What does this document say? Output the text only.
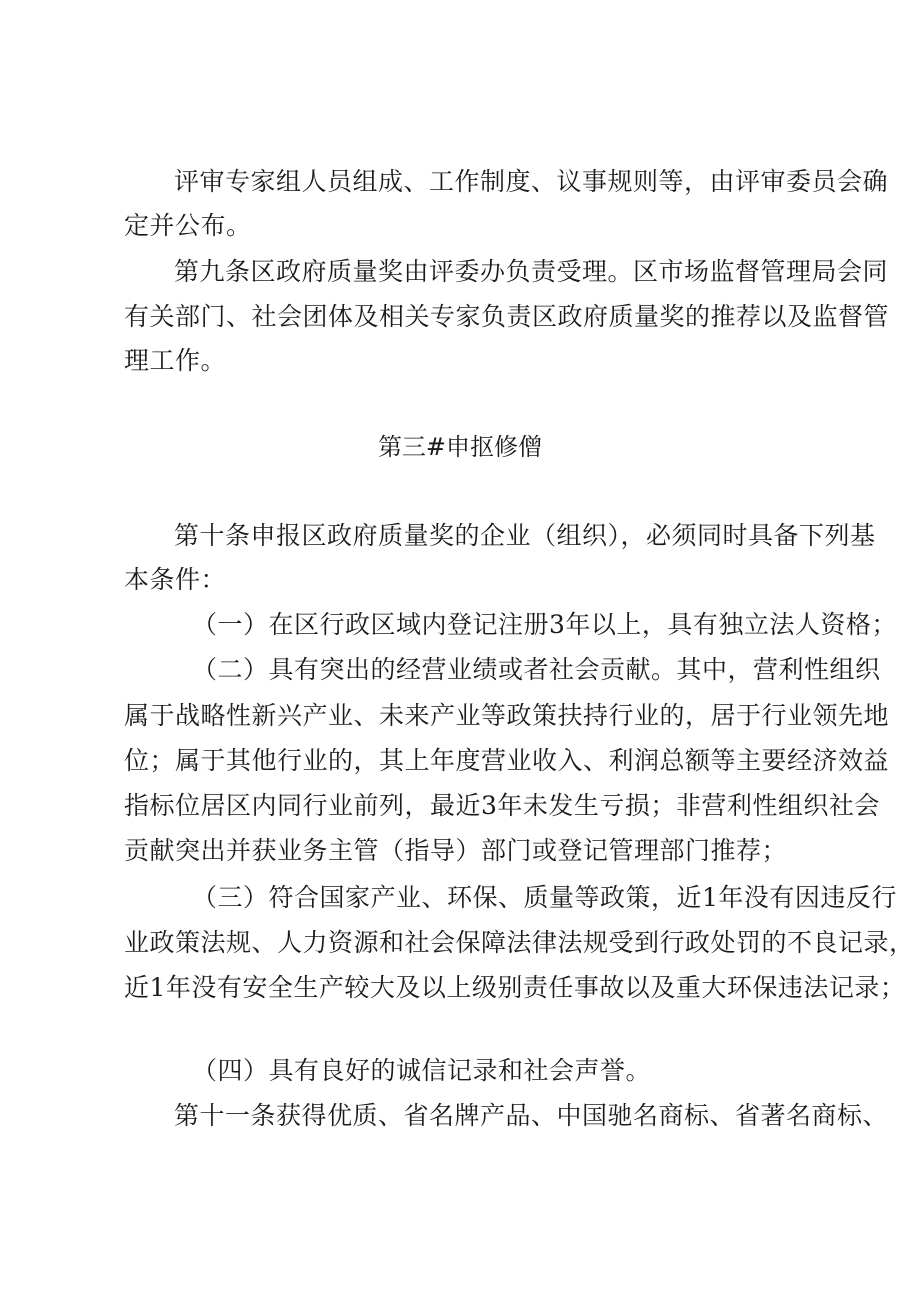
评审专家组人员组成、工作制度、议事规则等，由评审委员会确
定并公布。
第九条区政府质量奖由评委办负责受理。区市场监督管理局会同
有关部门、社会团体及相关专家负责区政府质量奖的推荐以及监督管
理工作。
第三#申抠修僧
第十条申报区政府质量奖的企业（组织），必须同时具备下列基
本条件：
（一）在区行政区域内登记注册3年以上，具有独立法人资格；
（二）具有突出的经营业绩或者社会贡献。其中，营利性组织
属于战略性新兴产业、未来产业等政策扶持行业的，居于行业领先地
位；属于其他行业的，其上年度营业收入、利润总额等主要经济效益
指标位居区内同行业前列，最近3年未发生亏损；非营利性组织社会
贡献突出并获业务主管（指导）部门或登记管理部门推荐；
（三）符合国家产业、环保、质量等政策，近1年没有因违反行
业政策法规、人力资源和社会保障法律法规受到行政处罚的不良记录，
近1年没有安全生产较大及以上级别责任事故以及重大环保违法记录；
（四）具有良好的诚信记录和社会声誉。
第十一条获得优质、省名牌产品、中国驰名商标、省著名商标、
